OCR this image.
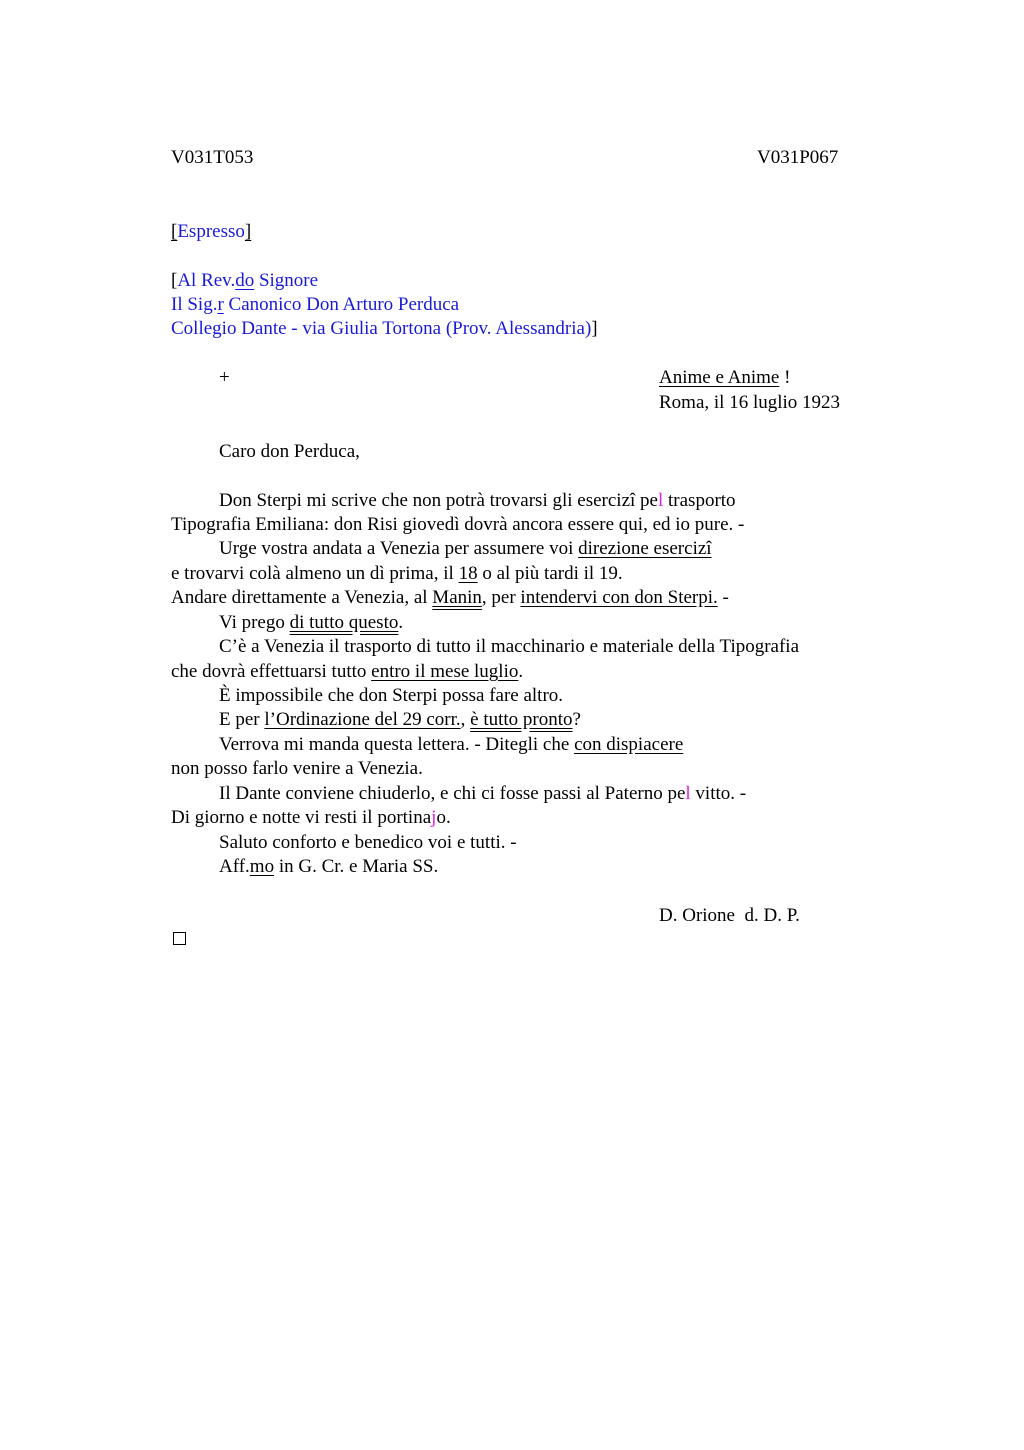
V031T053	V031P067
[Espresso]
[Al Rev.do Signore
Il Sig.r Canonico Don Arturo Perduca
Collegio Dante - via Giulia Tortona (Prov. Alessandria)]
+	Anime e Anime !
Roma, il 16 luglio 1923
Caro don Perduca,
Don Sterpi mi scrive che non potrà trovarsi gli esercizî pel trasporto
Tipografia Emiliana: don Risi giovedì dovrà ancora essere qui, ed io pure. -
Urge vostra andata a Venezia per assumere voi direzione esercizî
e trovarvi colà almeno un dì prima, il 18 o al più tardi il 19.
Andare direttamente a Venezia, al Manin, per intendervi con don Sterpi. -
Vi prego di tutto questo.
C’è a Venezia il trasporto di tutto il macchinario e materiale della Tipografia
che dovrà effettuarsi tutto entro il mese luglio.
È impossibile che don Sterpi possa fare altro.
E per l’Ordinazione del 29 corr., è tutto pronto?
Verrova mi manda questa lettera. - Ditegli che con dispiacere
non posso farlo venire a Venezia.
Il Dante conviene chiuderlo, e chi ci fosse passi al Paterno pel vitto. -
Di giorno e notte vi resti il portinajo.
Saluto conforto e benedico voi e tutti. -
Aff.mo in G. Cr. e Maria SS.
D. Orione  d. D. P.
